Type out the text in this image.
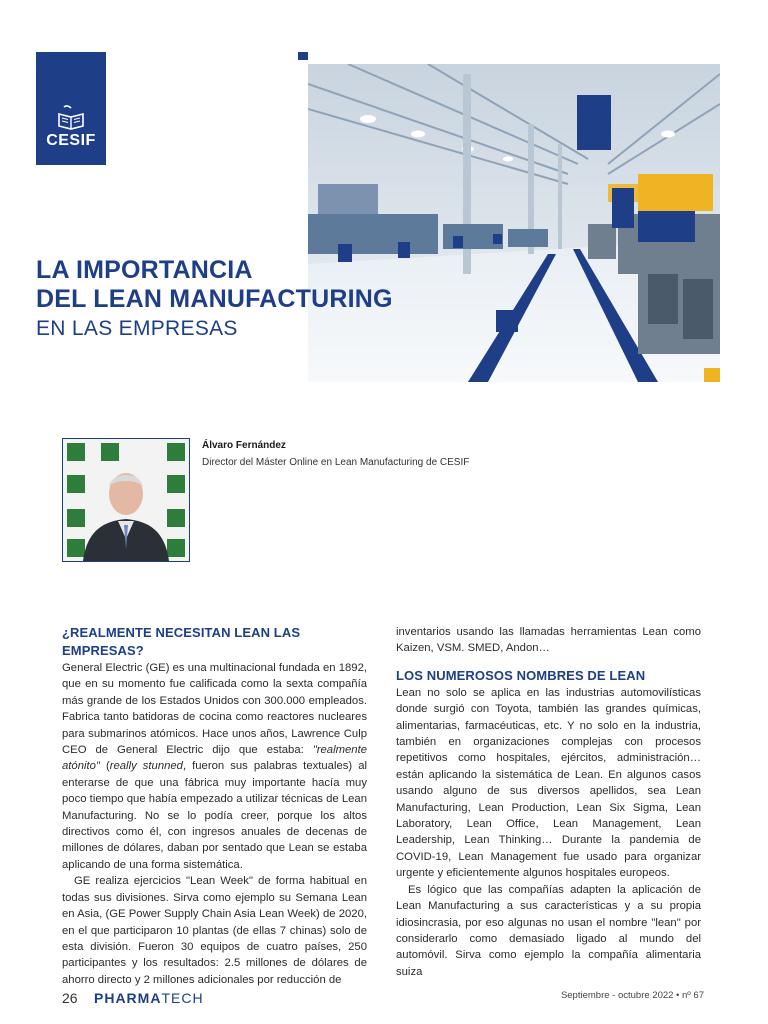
CESIF
LA IMPORTANCIA
DEL LEAN MANUFACTURING
EN LAS EMPRESAS
Álvaro Fernández
Director del Máster Online en Lean Manufacturing de CESIF
¿REALMENTE NECESITAN LEAN LAS EMPRESAS?

General Electric (GE) es una multinacional fundada en 1892, que en su momento fue calificada como la sexta compañía más grande de los Estados Unidos con 300.000 empleados. Fabrica tanto batidoras de cocina como reactores nucleares para submarinos atómicos. Hace unos años, Lawrence Culp CEO de General Electric dijo que estaba: "realmente atónito" (really stunned, fueron sus palabras textuales) al enterarse de que una fábrica muy importante hacía muy poco tiempo que había empezado a utilizar técnicas de Lean Manufacturing. No se lo podía creer, porque los altos directivos como él, con ingresos anuales de decenas de millones de dólares, daban por sentado que Lean se estaba aplicando de una forma sistemática.

GE realiza ejercicios "Lean Week" de forma habitual en todas sus divisiones. Sirva como ejemplo su Semana Lean en Asia, (GE Power Supply Chain Asia Lean Week) de 2020, en el que participaron 10 plantas (de ellas 7 chinas) solo de esta división. Fueron 30 equipos de cuatro países, 250 participantes y los resultados: 2.5 millones de dólares de ahorro directo y 2 millones adicionales por reducción de

inventarios usando las llamadas herramientas Lean como Kaizen, VSM. SMED, Andon…

LOS NUMEROSOS NOMBRES DE LEAN

Lean no solo se aplica en las industrias automovilísticas donde surgió con Toyota, también las grandes químicas, alimentarias, farmacéuticas, etc. Y no solo en la industria, también en organizaciones complejas con procesos repetitivos como hospitales, ejércitos, administración… están aplicando la sistemática de Lean. En algunos casos usando alguno de sus diversos apellidos, sea Lean Manufacturing, Lean Production, Lean Six Sigma, Lean Laboratory, Lean Office, Lean Management, Lean Leadership, Lean Thinking… Durante la pandemia de COVID-19, Lean Management fue usado para organizar urgente y eficientemente algunos hospitales europeos.

Es lógico que las compañías adapten la aplicación de Lean Manufacturing a sus características y a su propia idiosincrasia, por eso algunas no usan el nombre "lean" por considerarlo como demasiado ligado al mundo del automóvil. Sirva como ejemplo la compañía alimentaria suiza

26 PHARMATECH	Septiembre - octubre 2022 • nº 67
